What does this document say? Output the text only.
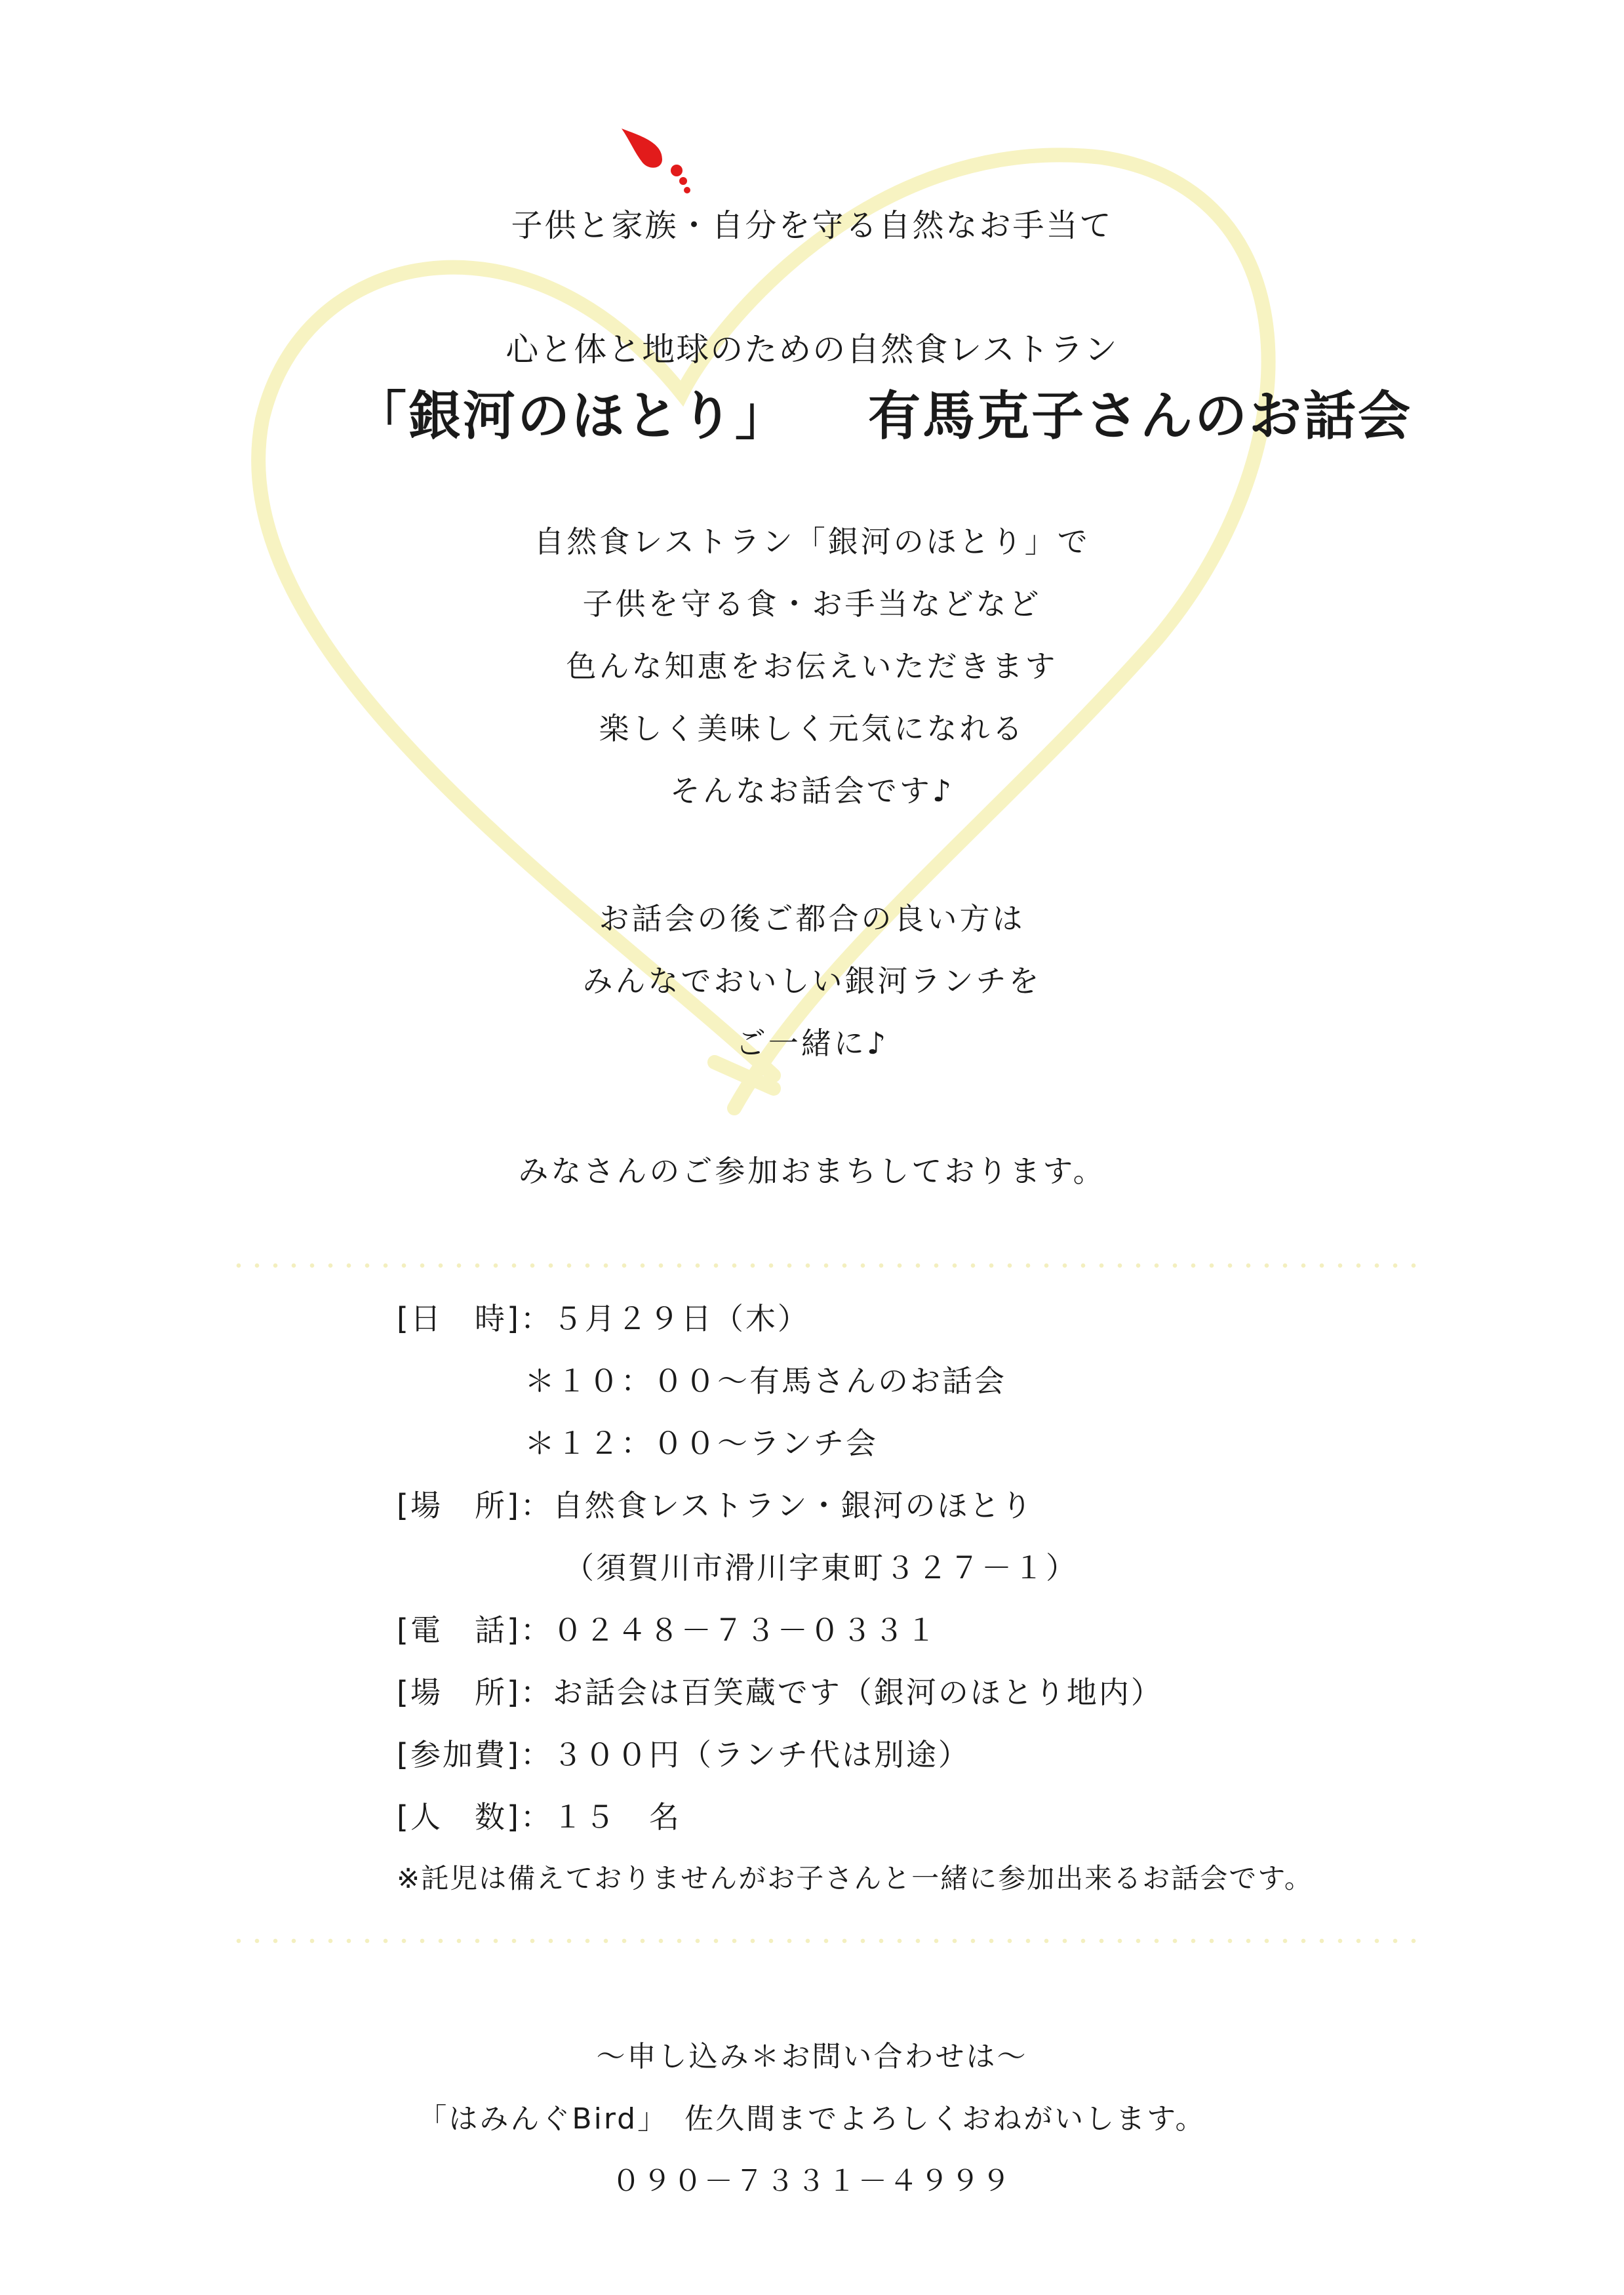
子供と家族・自分を守る自然なお手当て
心と体と地球のための自然食レストラン
「銀河のほとり」 有馬克子さんのお話会
自然食レストラン「銀河のほとり」で
子供を守る食・お手当などなど
色んな知恵をお伝えいただきます
楽しく美味しく元気になれる
そんなお話会です♪
お話会の後ご都合の良い方は
みんなでおいしい銀河ランチを
ご一緒に♪
みなさんのご参加おまちしております。
[日　時]：５月２９日（木）
＊１０：００～有馬さんのお話会
＊１２：００～ランチ会
[場　所]：自然食レストラン・銀河のほとり
（須賀川市滑川字東町３２７－１）
[電　話]：０２４８－７３－０３３１
[場　所]：お話会は百笑蔵です（銀河のほとり地内）
[参加費]：３００円（ランチ代は別途）
[人　数]：１５　名
※託児は備えておりませんがお子さんと一緒に参加出来るお話会です。
～申し込み＊お問い合わせは～
「はみんぐBird」　佐久間までよろしくおねがいします。
０９０－７３３１－４９９９
